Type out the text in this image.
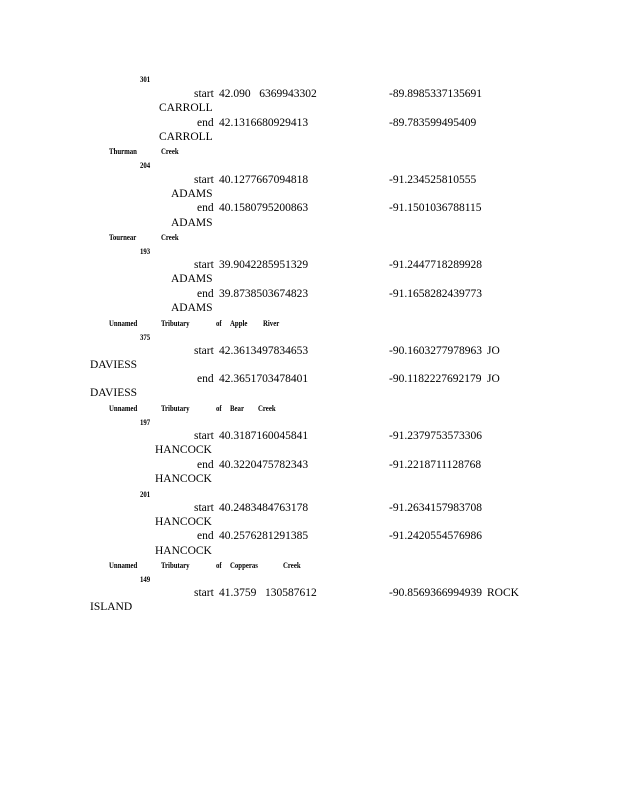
301
start 42.090   6369943302	-89.8985337135691
CARROLL
end 42.1316680929413	-89.783599495409
CARROLL
Thurman	Creek
204
start 40.1277667094818	-91.234525810555
ADAMS
end 40.1580795200863	-91.1501036788115
ADAMS
Tournear	Creek
193
start 39.9042285951329	-91.2447718289928
ADAMS
end 39.8738503674823	-91.1658282439773
ADAMS
Unnamed	Tributary	of Apple River
375
start 42.3613497834653	-90.1603277978963 JO
DAVIESS
end 42.3651703478401	-90.1182227692179 JO
DAVIESS
Unnamed	Tributary	of Bear Creek
197
start 40.3187160045841	-91.2379753573306
HANCOCK
end 40.3220475782343	-91.2218711128768
HANCOCK
201
start 40.2483484763178	-91.2634157983708
HANCOCK
end 40.2576281291385	-91.2420554576986
HANCOCK
Unnamed	Tributary	of Copperas	Creek
149
start 41.3759   130587612	-90.8569366994939 ROCK
ISLAND
